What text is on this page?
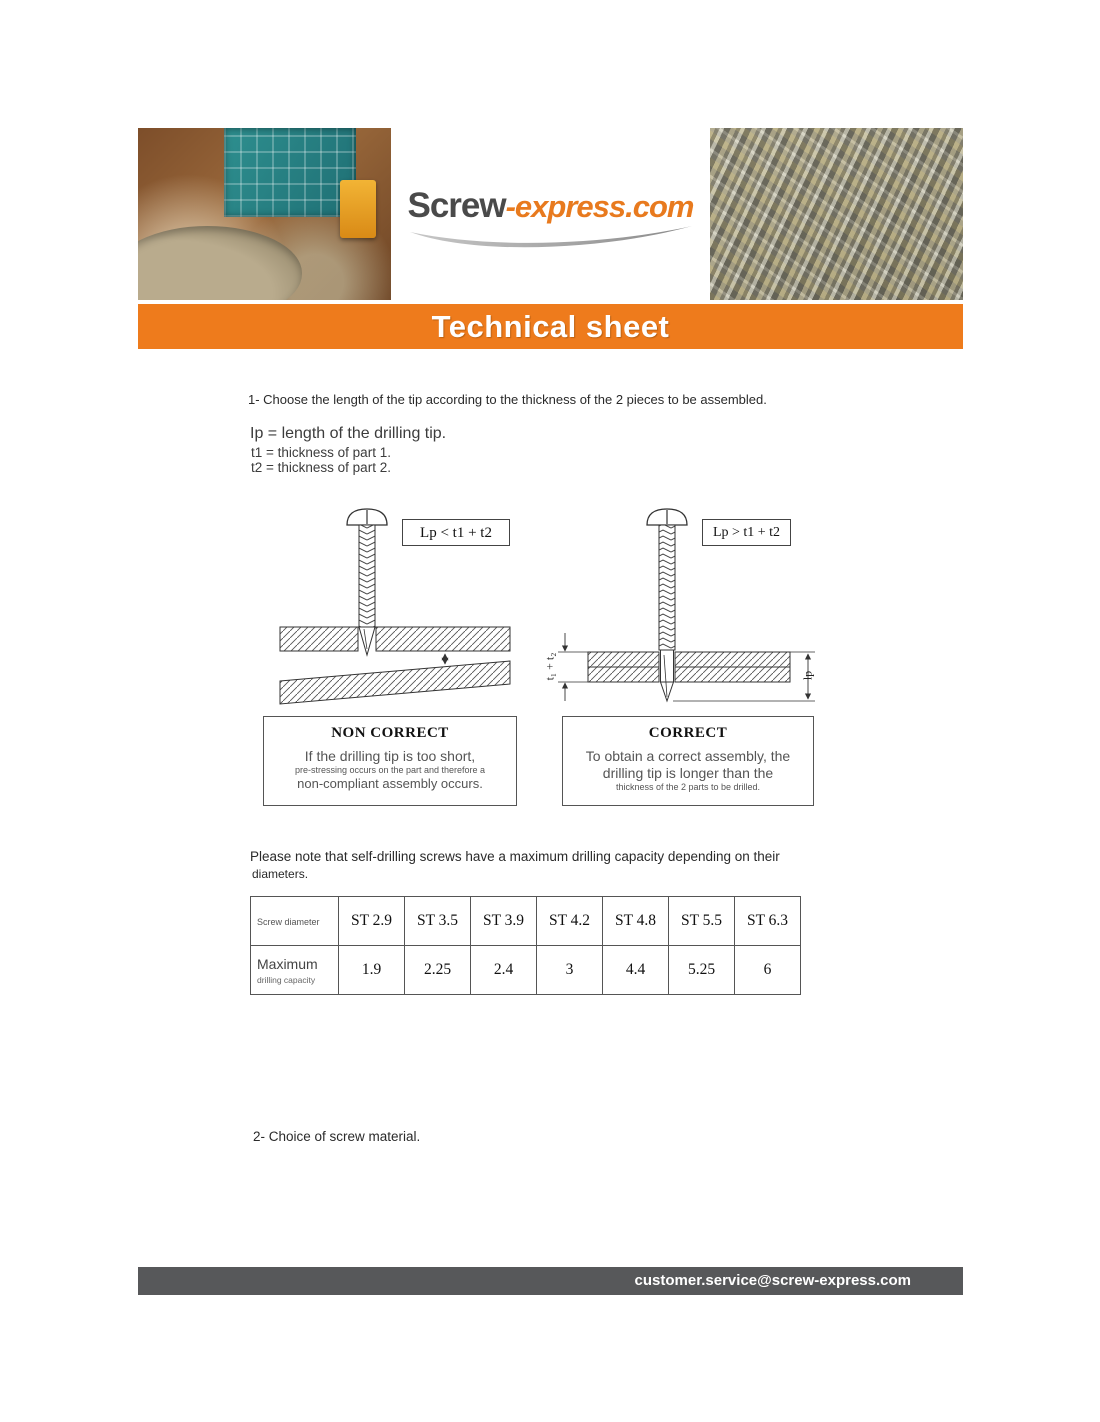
Screw-express.com
Technical sheet
1- Choose the length of the tip according to the thickness of the 2 pieces to be assembled.
Ip = length of the drilling tip.
t1 = thickness of part 1.
t2 = thickness of part 2.
Lp < t1 + t2	Lp > t1 + t2
t₁ + t₂	lp
NON CORRECT
If the drilling tip is too short,
pre-stressing occurs on the part and therefore a
non-compliant assembly occurs.
CORRECT
To obtain a correct assembly, the
drilling tip is longer than the
thickness of the 2 parts to be drilled.
Please note that self-drilling screws have a maximum drilling capacity depending on their
diameters.
Screw diameter	ST 2.9	ST 3.5	ST 3.9	ST 4.2	ST 4.8	ST 5.5	ST 6.3
Maximum
drilling capacity	1.9	2.25	2.4	3	4.4	5.25	6
2- Choice of screw material.
customer.service@screw-express.com
